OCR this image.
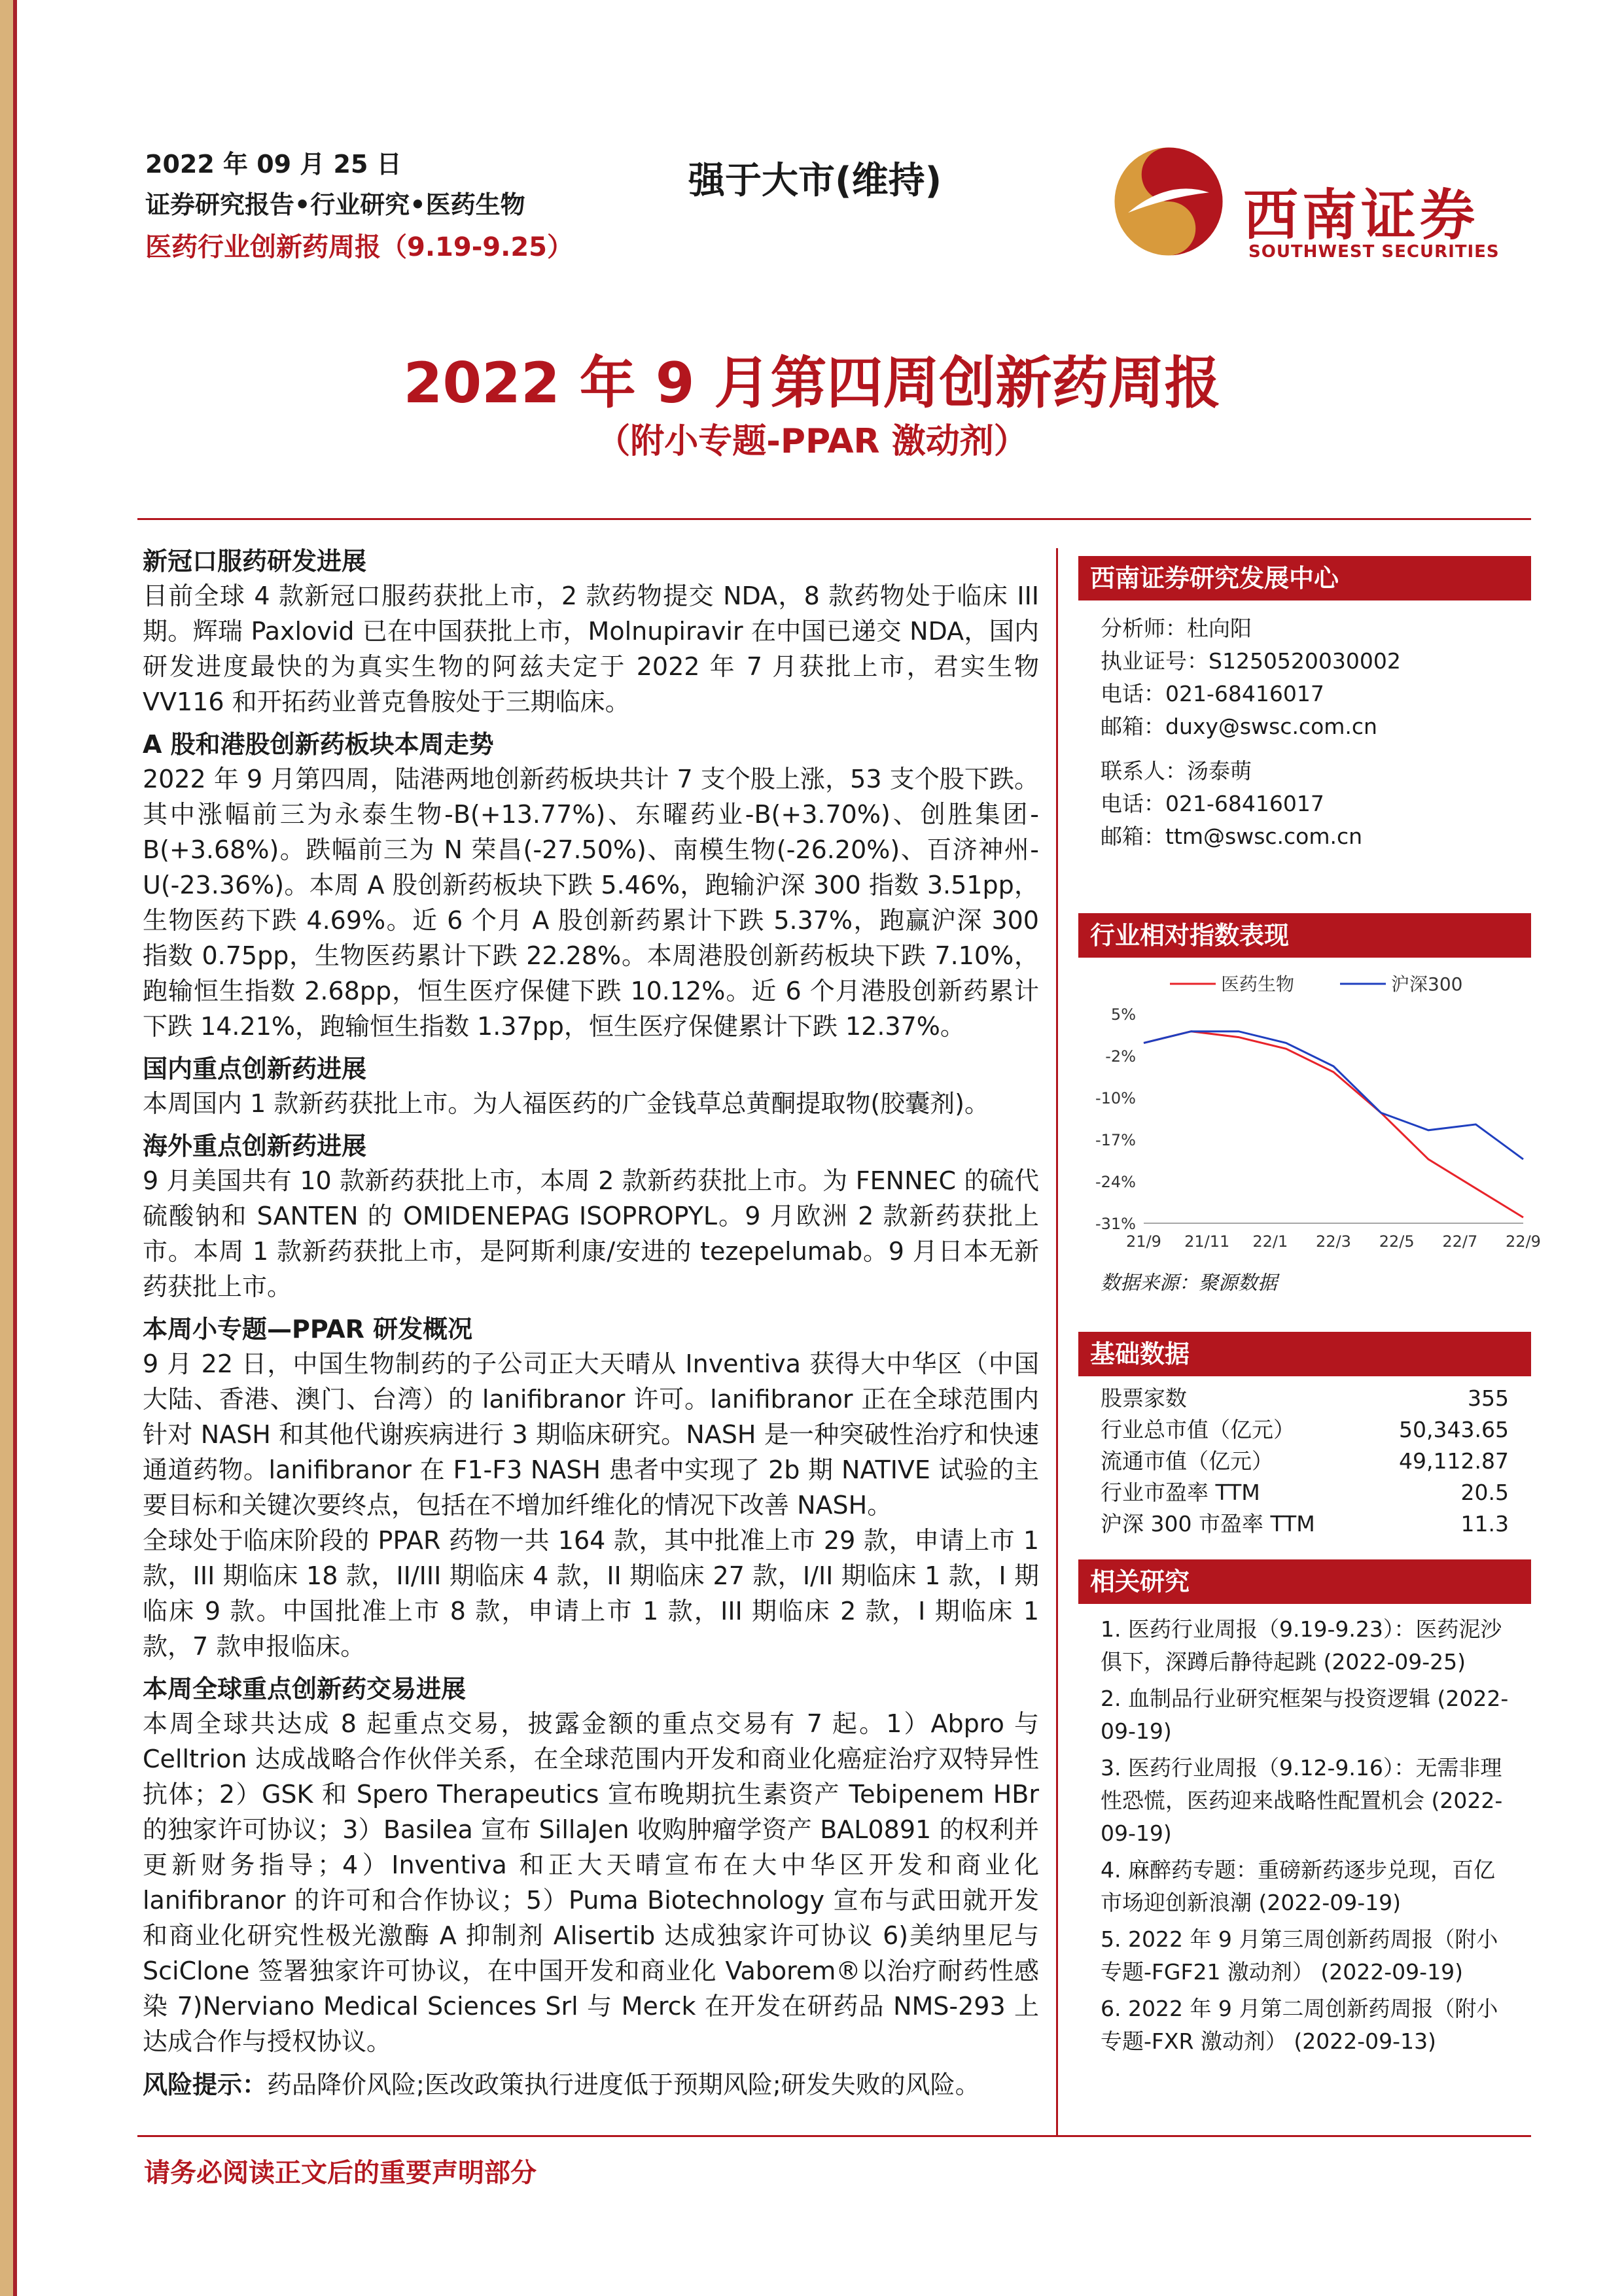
2022 年 09 月 25 日
证券研究报告•行业研究•医药生物
医药行业创新药周报（9.19-9.25）
强于大市(维持)
西南证券
SOUTHWEST SECURITIES
2022 年 9 月第四周创新药周报
（附小专题-PPAR 激动剂）

新冠口服药研发进展

目前全球 4 款新冠口服药获批上市，2 款药物提交 NDA，8 款药物处于临床 III 期。辉瑞 Paxlovid 已在中国获批上市，Molnupiravir 在中国已递交 NDA，国内研发进度最快的为真实生物的阿兹夫定于 2022 年 7 月获批上市，君实生物 VV116 和开拓药业普克鲁胺处于三期临床。

A 股和港股创新药板块本周走势

2022 年 9 月第四周，陆港两地创新药板块共计 7 支个股上涨，53 支个股下跌。其中涨幅前三为永泰生物-B(+13.77%)、东曜药业-B(+3.70%)、创胜集团-B(+3.68%)。跌幅前三为 N 荣昌(-27.50%)、南模生物(-26.20%)、百济神州-U(-23.36%)。本周 A 股创新药板块下跌 5.46%，跑输沪深 300 指数 3.51pp，生物医药下跌 4.69%。近 6 个月 A 股创新药累计下跌 5.37%，跑赢沪深 300 指数 0.75pp，生物医药累计下跌 22.28%。本周港股创新药板块下跌 7.10%，跑输恒生指数 2.68pp，恒生医疗保健下跌 10.12%。近 6 个月港股创新药累计下跌 14.21%，跑输恒生指数 1.37pp，恒生医疗保健累计下跌 12.37%。

国内重点创新药进展

本周国内 1 款新药获批上市。为人福医药的广金钱草总黄酮提取物(胶囊剂)。

海外重点创新药进展

9 月美国共有 10 款新药获批上市，本周 2 款新药获批上市。为 FENNEC 的硫代硫酸钠和 SANTEN 的 OMIDENEPAG ISOPROPYL。9 月欧洲 2 款新药获批上市。本周 1 款新药获批上市，是阿斯利康/安进的 tezepelumab。9 月日本无新药获批上市。

本周小专题—PPAR 研发概况

9 月 22 日，中国生物制药的子公司正大天晴从 Inventiva 获得大中华区（中国大陆、香港、澳门、台湾）的 lanifibranor 许可。lanifibranor 正在全球范围内针对 NASH 和其他代谢疾病进行 3 期临床研究。NASH 是一种突破性治疗和快速通道药物。lanifibranor 在 F1-F3 NASH 患者中实现了 2b 期 NATIVE 试验的主要目标和关键次要终点，包括在不增加纤维化的情况下改善 NASH。

全球处于临床阶段的 PPAR 药物一共 164 款，其中批准上市 29 款，申请上市 1 款，III 期临床 18 款，II/III 期临床 4 款，II 期临床 27 款，I/II 期临床 1 款，I 期临床 9 款。中国批准上市 8 款，申请上市 1 款，III 期临床 2 款，I 期临床 1 款，7 款申报临床。

本周全球重点创新药交易进展

本周全球共达成 8 起重点交易，披露金额的重点交易有 7 起。1）Abpro 与 Celltrion 达成战略合作伙伴关系，在全球范围内开发和商业化癌症治疗双特异性抗体；2）GSK 和 Spero Therapeutics 宣布晚期抗生素资产 Tebipenem HBr 的独家许可协议；3）Basilea 宣布 SillaJen 收购肿瘤学资产 BAL0891 的权利并更新财务指导；4）Inventiva 和正大天晴宣布在大中华区开发和商业化 lanifibranor 的许可和合作协议；5）Puma Biotechnology 宣布与武田就开发和商业化研究性极光激酶 A 抑制剂 Alisertib 达成独家许可协议 6)美纳里尼与 SciClone 签署独家许可协议，在中国开发和商业化 Vaborem®以治疗耐药性感染 7)Nerviano Medical Sciences Srl 与 Merck 在开发在研药品 NMS-293 上达成合作与授权协议。

风险提示：药品降价风险;医改政策执行进度低于预期风险;研发失败的风险。
西南证券研究发展中心
分析师：杜向阳
执业证号：S1250520030002
电话：021-68416017
邮箱：duxy@swsc.com.cn
联系人：汤泰萌
电话：021-68416017
邮箱：ttm@swsc.com.cn
行业相对指数表现
医药生物	沪深300
5%
-2%
-10%
-17%
-24%
-31%
21/9 21/11 22/1 22/3 22/5 22/7 22/9
数据来源：聚源数据
基础数据
股票家数	355
行业总市值（亿元）	50,343.65
流通市值（亿元）	49,112.87
行业市盈率 TTM	20.5
沪深 300 市盈率 TTM	11.3
相关研究
1. 医药行业周报（9.19-9.23）：医药泥沙俱下，深蹲后静待起跳 (2022-09-25)
2. 血制品行业研究框架与投资逻辑 (2022-09-19)
3. 医药行业周报（9.12-9.16）：无需非理性恐慌，医药迎来战略性配置机会 (2022-09-19)
4. 麻醉药专题：重磅新药逐步兑现，百亿市场迎创新浪潮 (2022-09-19)
5. 2022 年 9 月第三周创新药周报（附小专题-FGF21 激动剂） (2022-09-19)
6. 2022 年 9 月第二周创新药周报（附小专题-FXR 激动剂） (2022-09-13)
请务必阅读正文后的重要声明部分
